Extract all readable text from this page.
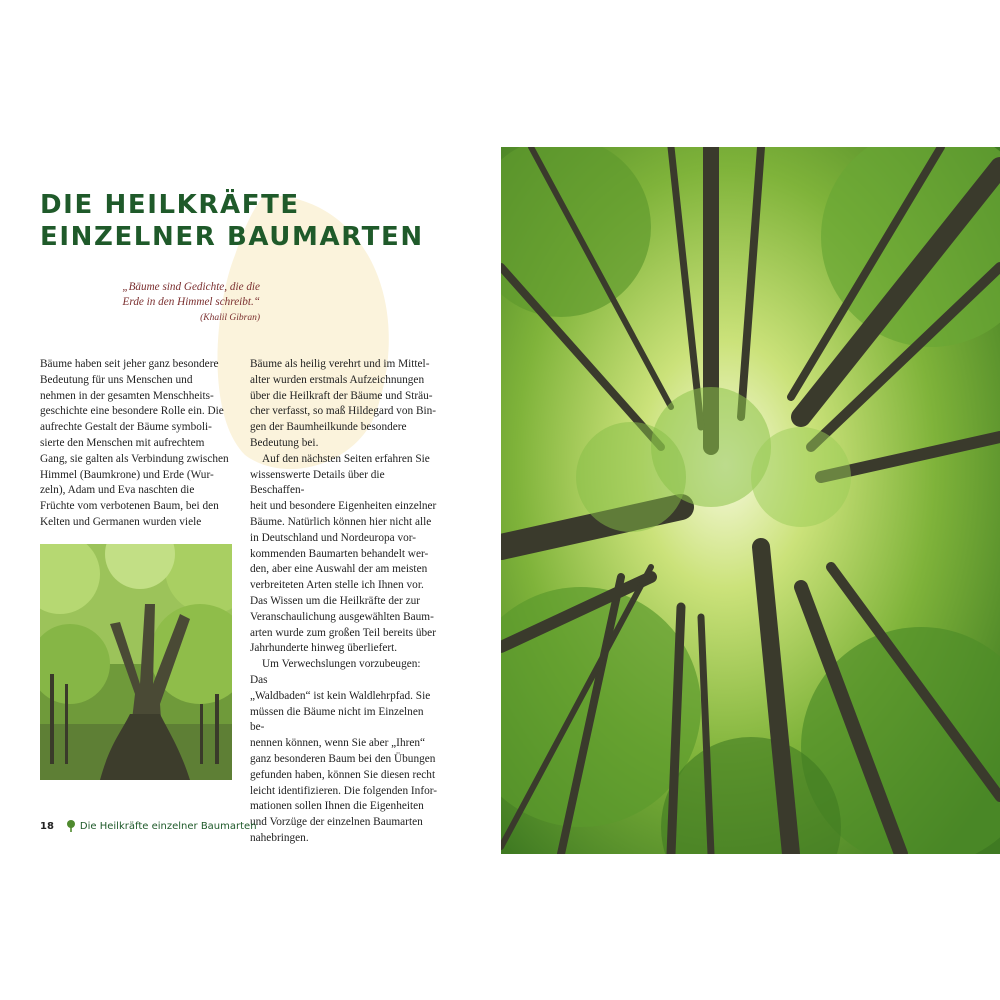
DIE HEILKRÄFTE
EINZELNER BAUMARTEN
„Bäume sind Gedichte, die die
Erde in den Himmel schreibt.“
(Khalil Gibran)

Bäume haben seit jeher ganz besondere

Bedeutung für uns Menschen und

nehmen in der gesamten Menschheits-

geschichte eine besondere Rolle ein. Die

aufrechte Gestalt der Bäume symboli-

sierte den Menschen mit aufrechtem

Gang, sie galten als Verbindung zwischen

Himmel (Baumkrone) und Erde (Wur-

zeln), Adam und Eva naschten die

Früchte vom verbotenen Baum, bei den

Kelten und Germanen wurden viele

Bäume als heilig verehrt und im Mittel-

alter wurden erstmals Aufzeichnungen

über die Heilkraft der Bäume und Sträu-

cher verfasst, so maß Hildegard von Bin-

gen der Baumheilkunde besondere

Bedeutung bei.

Auf den nächsten Seiten erfahren Sie

wissenswerte Details über die Beschaffen-

heit und besondere Eigenheiten einzelner

Bäume. Natürlich können hier nicht alle

in Deutschland und Nordeuropa vor-

kommenden Baumarten behandelt wer-

den, aber eine Auswahl der am meisten

verbreiteten Arten stelle ich Ihnen vor.

Das Wissen um die Heilkräfte der zur

Veranschaulichung ausgewählten Baum-

arten wurde zum großen Teil bereits über

Jahrhunderte hinweg überliefert.

Um Verwechslungen vorzubeugen: Das

„Waldbaden“ ist kein Waldlehrpfad. Sie

müssen die Bäume nicht im Einzelnen be-

nennen können, wenn Sie aber „Ihren“

ganz besonderen Baum bei den Übungen

gefunden haben, können Sie diesen recht

leicht identifizieren. Die folgenden Infor-

mationen sollen Ihnen die Eigenheiten

und Vorzüge der einzelnen Baumarten

nahebringen.

18	Die Heilkräfte einzelner Baumarten
